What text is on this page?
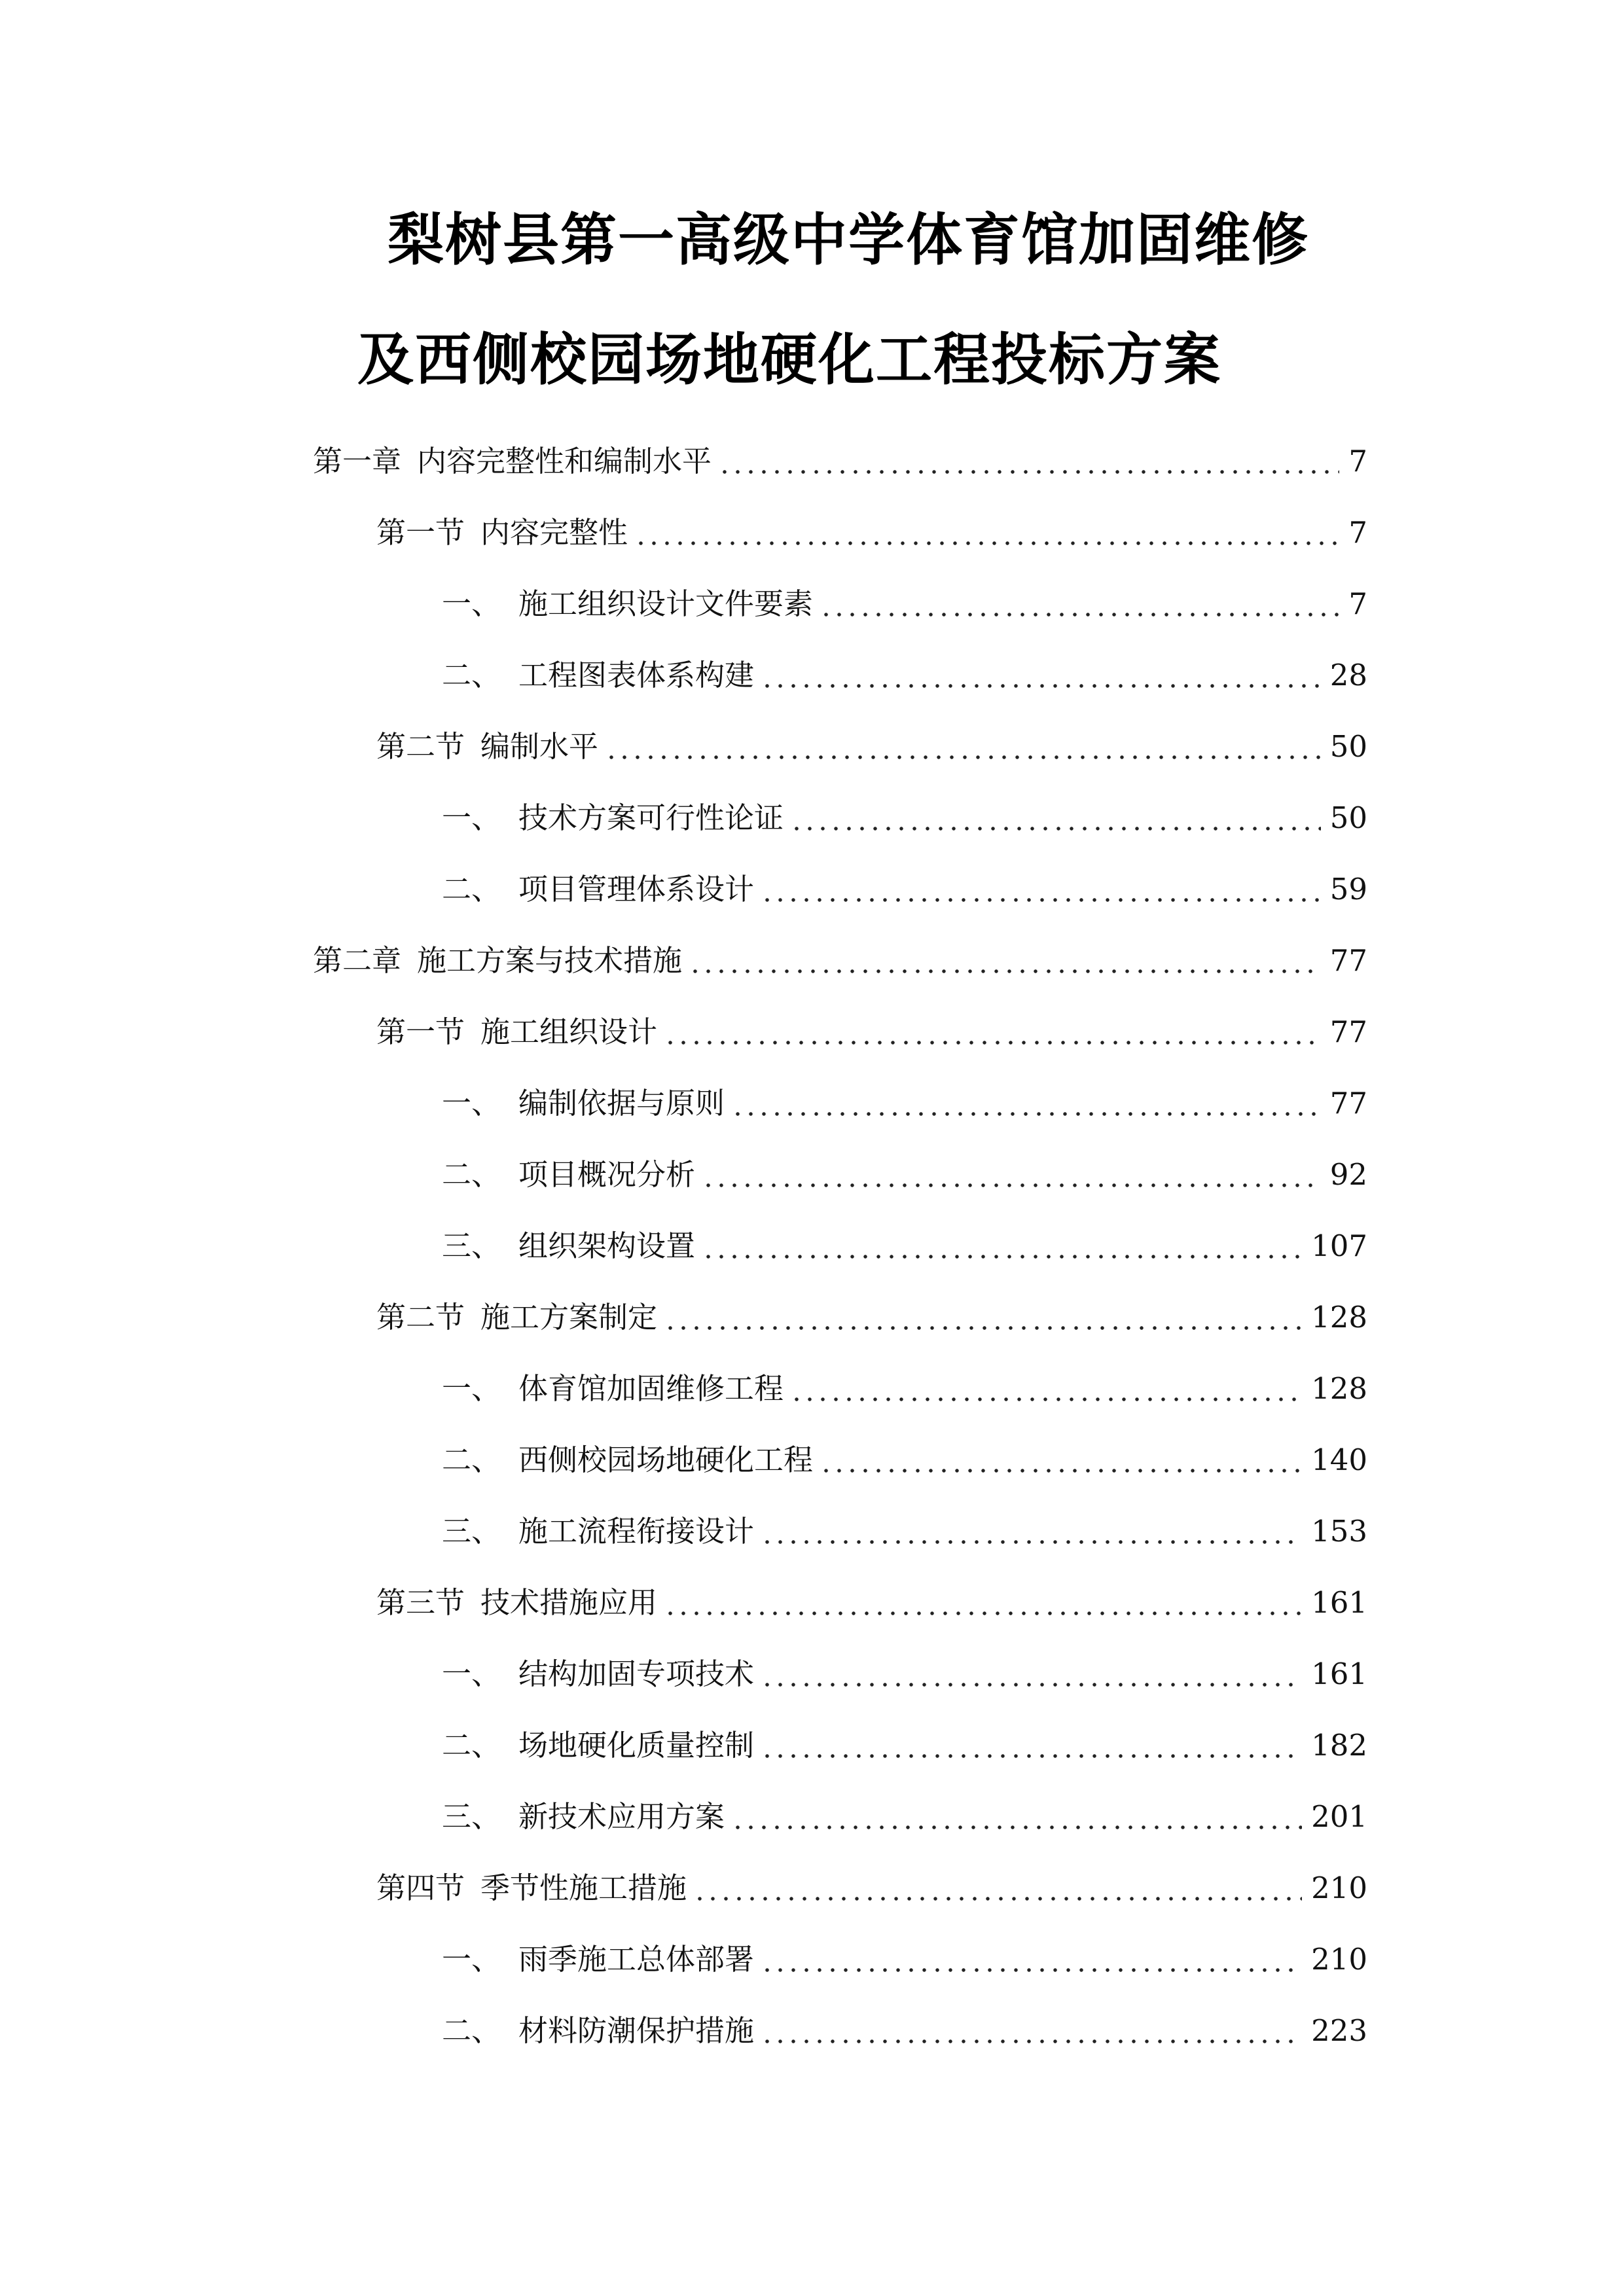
梨树县第一高级中学体育馆加固维修
及西侧校园场地硬化工程投标方案
第一章 内容完整性和编制水平	7
第一节 内容完整性	7
一、 施工组织设计文件要素	7
二、 工程图表体系构建	28
第二节 编制水平	50
一、 技术方案可行性论证	50
二、 项目管理体系设计	59
第二章 施工方案与技术措施	77
第一节 施工组织设计	77
一、 编制依据与原则	77
二、 项目概况分析	92
三、 组织架构设置	107
第二节 施工方案制定	128
一、 体育馆加固维修工程	128
二、 西侧校园场地硬化工程	140
三、 施工流程衔接设计	153
第三节 技术措施应用	161
一、 结构加固专项技术	161
二、 场地硬化质量控制	182
三、 新技术应用方案	201
第四节 季节性施工措施	210
一、 雨季施工总体部署	210
二、 材料防潮保护措施	223
